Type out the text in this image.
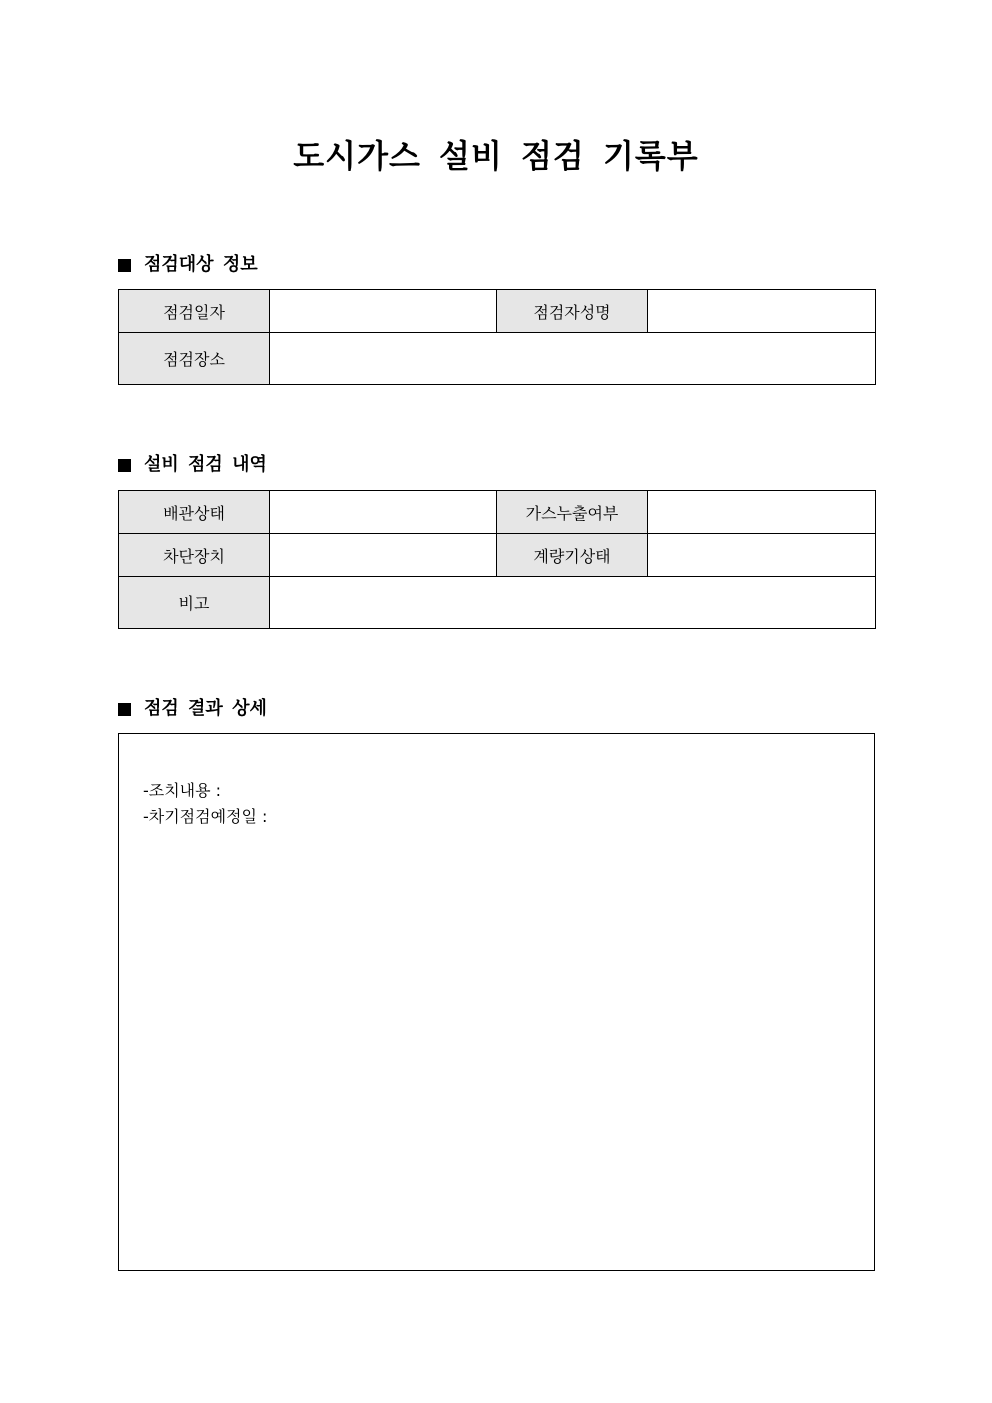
도시가스 설비 점검 기록부
점검대상 정보
점검일자		점검자성명	
점검장소			
설비 점검 내역
배관상태		가스누출여부	
차단장치		계량기상태	
비고			
점검 결과 상세
-조치내용 :
-차기점검예정일 :
